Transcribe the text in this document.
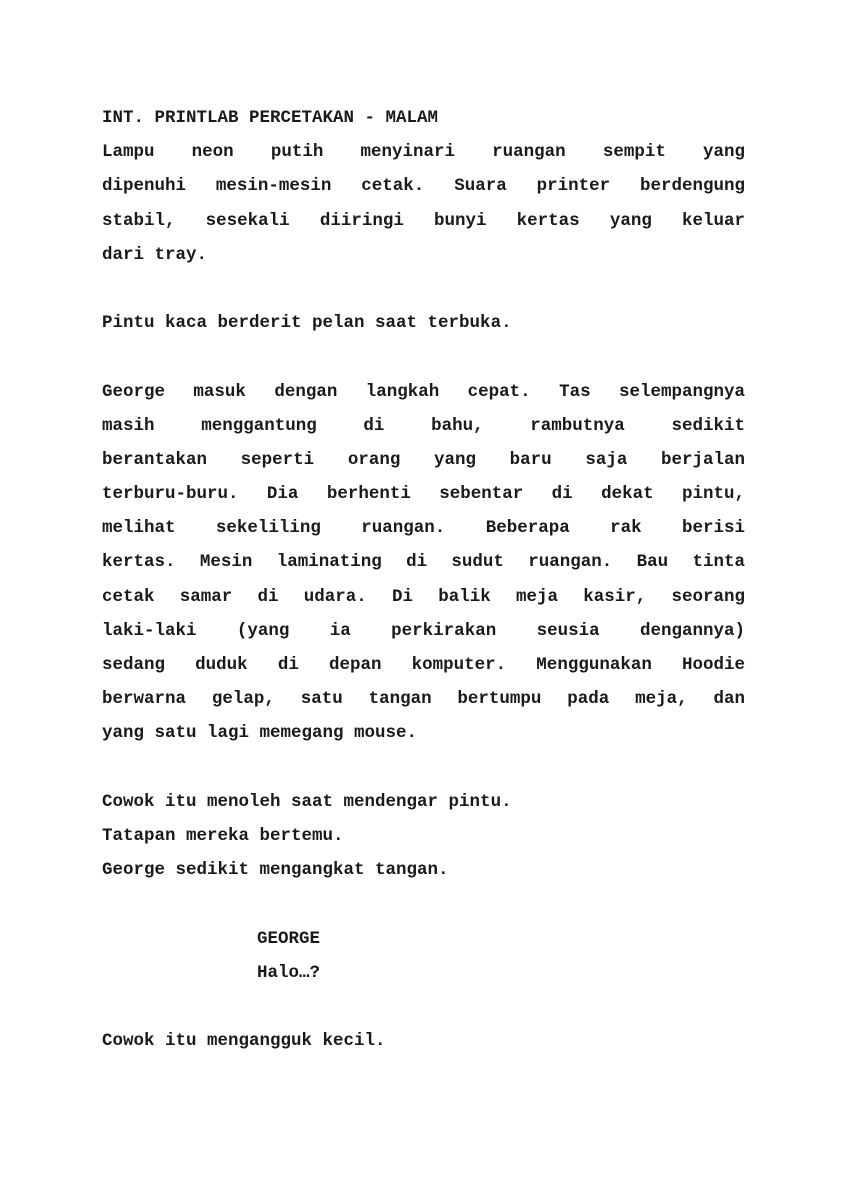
INT. PRINTLAB PERCETAKAN - MALAM
Lampu neon putih menyinari ruangan sempit yang
dipenuhi mesin-mesin cetak. Suara printer berdengung
stabil, sesekali diiringi bunyi kertas yang keluar
dari tray.
Pintu kaca berderit pelan saat terbuka.
George masuk dengan langkah cepat. Tas selempangnya
masih menggantung di bahu, rambutnya sedikit
berantakan seperti orang yang baru saja berjalan
terburu-buru. Dia berhenti sebentar di dekat pintu,
melihat sekeliling ruangan. Beberapa rak berisi
kertas. Mesin laminating di sudut ruangan. Bau tinta
cetak samar di udara. Di balik meja kasir, seorang
laki-laki (yang ia perkirakan seusia dengannya)
sedang duduk di depan komputer. Menggunakan Hoodie
berwarna gelap, satu tangan bertumpu pada meja, dan
yang satu lagi memegang mouse.
Cowok itu menoleh saat mendengar pintu.
Tatapan mereka bertemu.
George sedikit mengangkat tangan.
GEORGE
Halo…?
Cowok itu mengangguk kecil.
